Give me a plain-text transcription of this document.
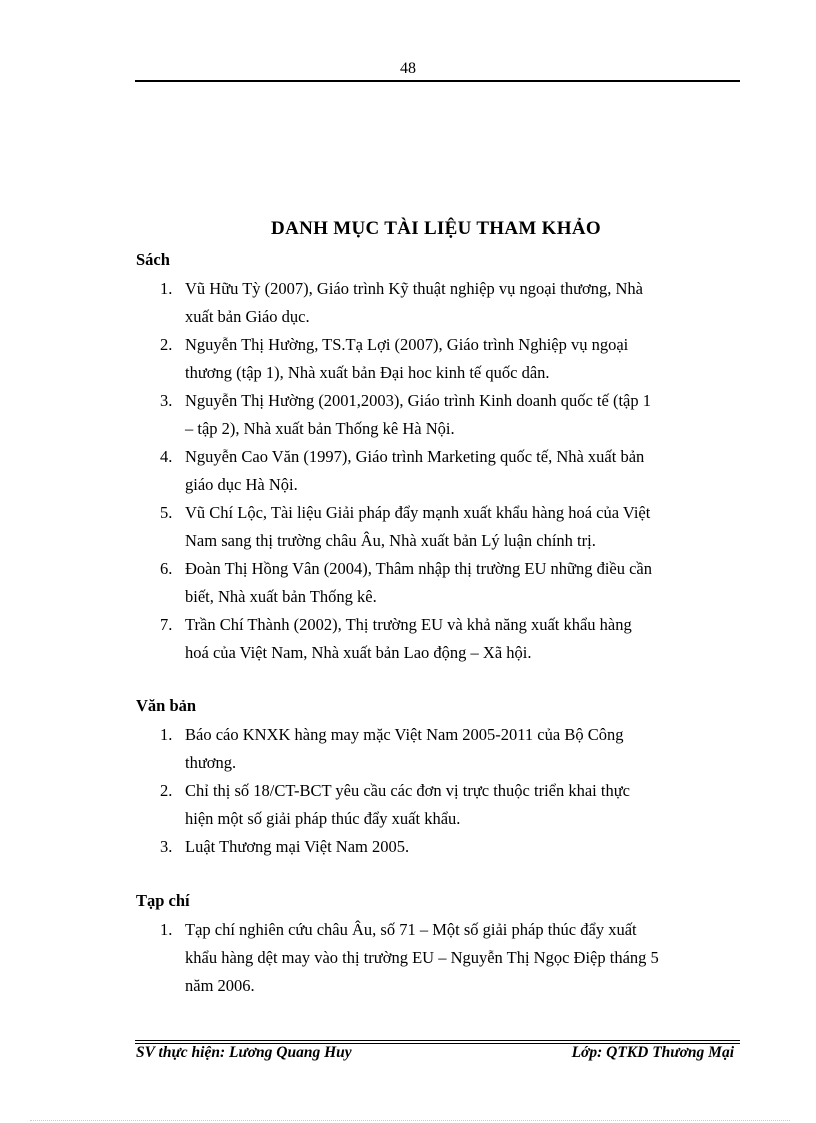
48
DANH MỤC TÀI LIỆU THAM KHẢO
Sách
1. Vũ Hữu Tỳ (2007), Giáo trình Kỹ thuật nghiệp vụ ngoại thương, Nhà
xuất bản Giáo dục.
2. Nguyễn Thị Hường, TS.Tạ Lợi (2007), Giáo trình Nghiệp vụ ngoại
thương (tập 1), Nhà xuất bản Đại hoc kinh tế quốc dân.
3. Nguyễn Thị Hường (2001,2003), Giáo trình Kinh doanh quốc tế (tập 1
– tập 2), Nhà xuất bản Thống kê Hà Nội.
4. Nguyễn Cao Văn (1997), Giáo trình Marketing quốc tế, Nhà xuất bản
giáo dục Hà Nội.
5. Vũ Chí Lộc, Tài liệu Giải pháp đẩy mạnh xuất khẩu hàng hoá của Việt
Nam sang thị trường châu Âu, Nhà xuất bản Lý luận chính trị.
6. Đoàn Thị Hồng Vân (2004), Thâm nhập thị trường EU những điều cần
biết, Nhà xuất bản Thống kê.
7. Trần Chí Thành (2002), Thị trường EU và khả năng xuất khẩu hàng
hoá của Việt Nam, Nhà xuất bản Lao động – Xã hội.
Văn bản
1. Báo cáo KNXK hàng may mặc Việt Nam 2005-2011 của Bộ Công
thương.
2. Chỉ thị số 18/CT-BCT yêu cầu các đơn vị trực thuộc triển khai thực
hiện một số giải pháp thúc đẩy xuất khẩu.
3. Luật Thương mại Việt Nam 2005.
Tạp chí
1. Tạp chí nghiên cứu châu Âu, số 71 – Một số giải pháp thúc đẩy xuất
khẩu hàng dệt may vào thị trường EU – Nguyễn Thị Ngọc Điệp tháng 5
năm 2006.
SV thực hiện: Lương Quang Huy	Lớp: QTKD Thương Mại
